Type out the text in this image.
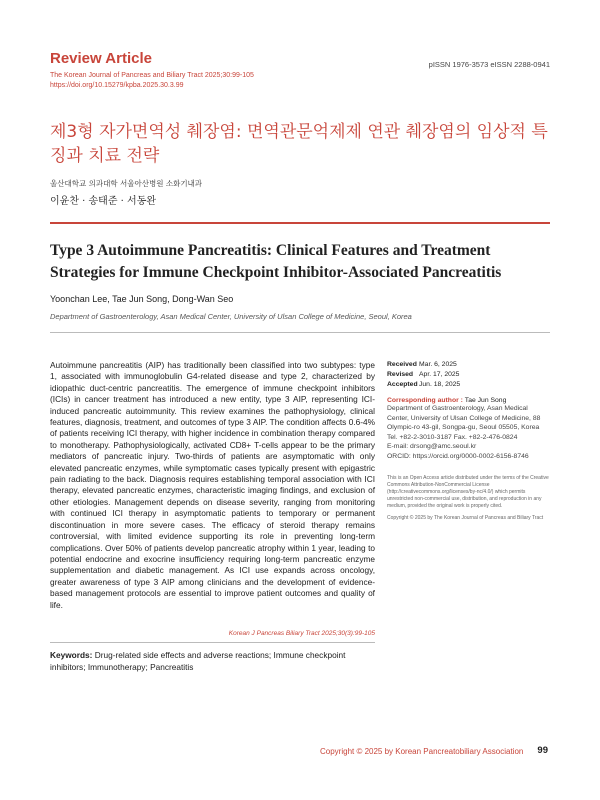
Review Article
The Korean Journal of Pancreas and Biliary Tract 2025;30:99-105
https://doi.org/10.15279/kpba.2025.30.3.99
pISSN 1976-3573 eISSN 2288-0941
제3형 자가면역성 췌장염: 면역관문억제제 연관 췌장염의 임상적 특징과 치료 전략
울산대학교 의과대학 서울아산병원 소화기내과
이윤찬 · 송태준 · 서동완
Type 3 Autoimmune Pancreatitis: Clinical Features and Treatment Strategies for Immune Checkpoint Inhibitor-Associated Pancreatitis
Yoonchan Lee, Tae Jun Song, Dong-Wan Seo
Department of Gastroenterology, Asan Medical Center, University of Ulsan College of Medicine, Seoul, Korea

Autoimmune pancreatitis (AIP) has traditionally been classified into two subtypes: type 1, associated with immunoglobulin G4-related disease and type 2, characterized by idiopathic duct-centric pancreatitis. The emergence of immune checkpoint inhibitors (ICIs) in cancer treatment has introduced a new entity, type 3 AIP, representing ICI-induced pancreatic autoimmunity. This review examines the pathophysiology, clinical features, diagnosis, treatment, and outcomes of type 3 AIP. The condition affects 0.6-4% of patients receiving ICI therapy, with higher incidence in combination therapy compared to monotherapy. Pathophysiologically, activated CD8+ T-cells appear to be the primary mediators of pancreatic injury. Two-thirds of patients are asymptomatic with only elevated pancreatic enzymes, while symptomatic cases typically present with epigastric pain radiating to the back. Diagnosis requires establishing temporal association with ICI therapy, elevated pancreatic enzymes, characteristic imaging findings, and exclusion of other etiologies. Management depends on disease severity, ranging from monitoring with continued ICI therapy in asymptomatic patients to temporary or permanent discontinuation in more severe cases. The efficacy of steroid therapy remains controversial, with limited evidence supporting its role in preventing long-term complications. Over 50% of patients develop pancreatic atrophy within 1 year, leading to potential endocrine and exocrine insufficiency requiring long-term pancreatic enzyme supplementation and diabetic management. As ICI use expands across oncology, greater awareness of type 3 AIP among clinicians and the development of evidence-based management protocols are essential to improve patient outcomes and quality of life.

Korean J Pancreas Biliary Tract 2025;30(3):99-105
Keywords: Drug-related side effects and adverse reactions; Immune checkpoint inhibitors; Immunotherapy; Pancreatitis
Received Mar. 6, 2025
Revised Apr. 17, 2025
Accepted Jun. 18, 2025
Corresponding author : Tae Jun Song
Department of Gastroenterology, Asan Medical Center, University of Ulsan College of Medicine, 88 Olympic-ro 43-gil, Songpa-gu, Seoul 05505, Korea
Tel. +82-2-3010-3187 Fax. +82-2-476-0824
E-mail: drsong@amc.seoul.kr
ORCID: https://orcid.org/0000-0002-6156-8746

This is an Open Access article distributed under the terms of the Creative Commons Attribution-NonCommercial License (http://creativecommons.org/licenses/by-nc/4.0/) which permits unrestricted non-commercial use, distribution, and reproduction in any medium, provided the original work is properly cited.

Copyright © 2025 by The Korean Journal of Pancreas and Biliary Tract

Copyright © 2025 by Korean Pancreatobiliary Association 99
